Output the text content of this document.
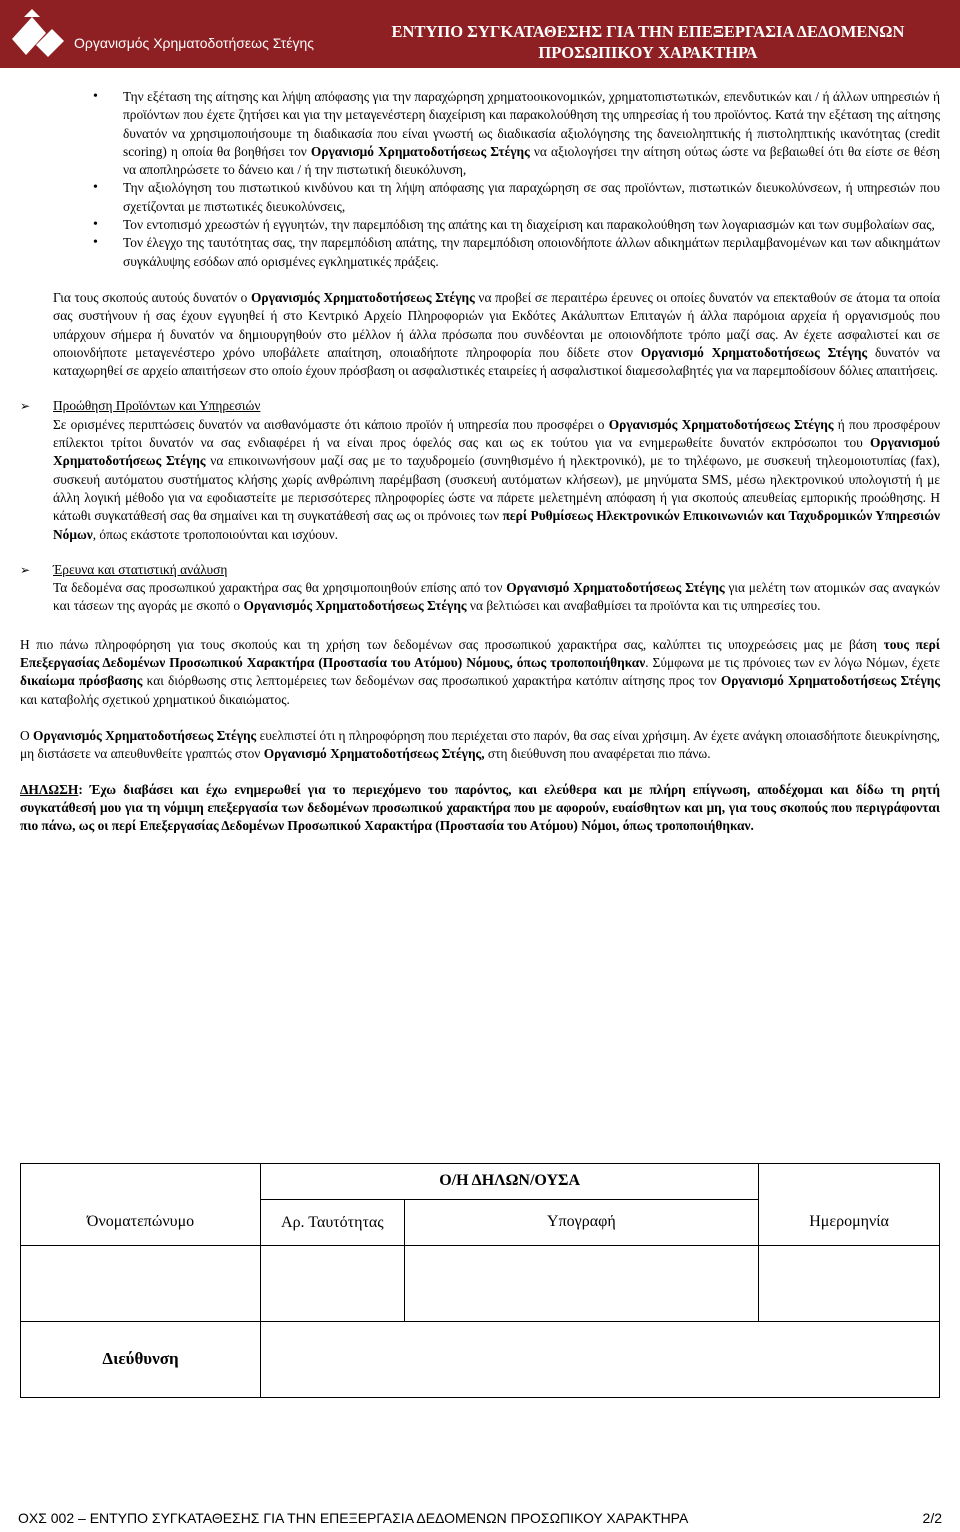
Οργανισμός Χρηματοδοτήσεως Στέγης
ΕΝΤΥΠΟ ΣΥΓΚΑΤΑΘΕΣΗΣ ΓΙΑ ΤΗΝ ΕΠΕΞΕΡΓΑΣΙΑ ΔΕΔΟΜΕΝΩΝ
ΠΡΟΣΩΠΙΚΟΥ ΧΑΡΑΚΤΗΡΑ
• Την εξέταση της αίτησης και λήψη απόφασης για την παραχώρηση χρηματοοικονομικών, χρηματοπιστωτικών, επενδυτικών και / ή άλλων υπηρεσιών ή προϊόντων που έχετε ζητήσει και για την μεταγενέστερη διαχείριση και παρακολούθηση της υπηρεσίας ή του προϊόντος. Κατά την εξέταση της αίτησης δυνατόν να χρησιμοποιήσουμε τη διαδικασία που είναι γνωστή ως διαδικασία αξιολόγησης της δανειοληπτικής ή πιστοληπτικής ικανότητας (credit scoring) η οποία θα βοηθήσει τον Οργανισμό Χρηματοδοτήσεως Στέγης να αξιολογήσει την αίτηση ούτως ώστε να βεβαιωθεί ότι θα είστε σε θέση να αποπληρώσετε το δάνειο και / ή την πιστωτική διευκόλυνση,
• Την αξιολόγηση του πιστωτικού κινδύνου και τη λήψη απόφασης για παραχώρηση σε σας προϊόντων, πιστωτικών διευκολύνσεων, ή υπηρεσιών που σχετίζονται με πιστωτικές διευκολύνσεις,
• Τον εντοπισμό χρεωστών ή εγγυητών, την παρεμπόδιση της απάτης και τη διαχείριση και παρακολούθηση των λογαριασμών και των συμβολαίων σας,
• Τον έλεγχο της ταυτότητας σας, την παρεμπόδιση απάτης, την παρεμπόδιση οποιονδήποτε άλλων αδικημάτων περιλαμβανομένων και των αδικημάτων συγκάλυψης εσόδων από ορισμένες εγκληματικές πράξεις.

Για τους σκοπούς αυτούς δυνατόν ο Οργανισμός Χρηματοδοτήσεως Στέγης να προβεί σε περαιτέρω έρευνες οι οποίες δυνατόν να επεκταθούν σε άτομα τα οποία σας συστήνουν ή σας έχουν εγγυηθεί ή στο Κεντρικό Αρχείο Πληροφοριών για Εκδότες Ακάλυπτων Επιταγών ή άλλα παρόμοια αρχεία ή οργανισμούς που υπάρχουν σήμερα ή δυνατόν να δημιουργηθούν στο μέλλον ή άλλα πρόσωπα που συνδέονται με οποιονδήποτε τρόπο μαζί σας. Αν έχετε ασφαλιστεί και σε οποιονδήποτε μεταγενέστερο χρόνο υποβάλετε απαίτηση, οποιαδήποτε πληροφορία που δίδετε στον Οργανισμό Χρηματοδοτήσεως Στέγης δυνατόν να καταχωρηθεί σε αρχείο απαιτήσεων στο οποίο έχουν πρόσβαση οι ασφαλιστικές εταιρείες ή ασφαλιστικοί διαμεσολαβητές για να παρεμποδίσουν δόλιες απαιτήσεις.

➢ Προώθηση Προϊόντων και Υπηρεσιών
Σε ορισμένες περιπτώσεις δυνατόν να αισθανόμαστε ότι κάποιο προϊόν ή υπηρεσία που προσφέρει ο Οργανισμός Χρηματοδοτήσεως Στέγης ή που προσφέρουν επίλεκτοι τρίτοι δυνατόν να σας ενδιαφέρει ή να είναι προς όφελός σας και ως εκ τούτου για να ενημερωθείτε δυνατόν εκπρόσωποι του Οργανισμού Χρηματοδοτήσεως Στέγης να επικοινωνήσουν μαζί σας με το ταχυδρομείο (συνηθισμένο ή ηλεκτρονικό), με το τηλέφωνο, με συσκευή τηλεομοιοτυπίας (fax), συσκευή αυτόματου συστήματος κλήσης χωρίς ανθρώπινη παρέμβαση (συσκευή αυτόματων κλήσεων), με μηνύματα SMS, μέσω ηλεκτρονικού υπολογιστή ή με άλλη λογική μέθοδο για να εφοδιαστείτε με περισσότερες πληροφορίες ώστε να πάρετε μελετημένη απόφαση ή για σκοπούς απευθείας εμπορικής προώθησης. Η κάτωθι συγκατάθεσή σας θα σημαίνει και τη συγκατάθεσή σας ως οι πρόνοιες των περί Ρυθμίσεως Ηλεκτρονικών Επικοινωνιών και Ταχυδρομικών Υπηρεσιών Νόμων, όπως εκάστοτε τροποποιούνται και ισχύουν.
➢ Έρευνα και στατιστική ανάλυση
Τα δεδομένα σας προσωπικού χαρακτήρα σας θα χρησιμοποιηθούν επίσης από τον Οργανισμό Χρηματοδοτήσεως Στέγης για μελέτη των ατομικών σας αναγκών και τάσεων της αγοράς με σκοπό ο Οργανισμός Χρηματοδοτήσεως Στέγης να βελτιώσει και αναβαθμίσει τα προϊόντα και τις υπηρεσίες του.

Η πιο πάνω πληροφόρηση για τους σκοπούς και τη χρήση των δεδομένων σας προσωπικού χαρακτήρα σας, καλύπτει τις υποχρεώσεις μας με βάση τους περί Επεξεργασίας Δεδομένων Προσωπικού Χαρακτήρα (Προστασία του Ατόμου) Νόμους, όπως τροποποιήθηκαν. Σύμφωνα με τις πρόνοιες των εν λόγω Νόμων, έχετε δικαίωμα πρόσβασης και διόρθωσης στις λεπτομέρειες των δεδομένων σας προσωπικού χαρακτήρα κατόπιν αίτησης προς τον Οργανισμό Χρηματοδοτήσεως Στέγης και καταβολής σχετικού χρηματικού δικαιώματος.

Ο Οργανισμός Χρηματοδοτήσεως Στέγης ευελπιστεί ότι η πληροφόρηση που περιέχεται στο παρόν, θα σας είναι χρήσιμη. Αν έχετε ανάγκη οποιασδήποτε διευκρίνησης, μη διστάσετε να απευθυνθείτε γραπτώς στον Οργανισμό Χρηματοδοτήσεως Στέγης, στη διεύθυνση που αναφέρεται πιο πάνω.

ΔΗΛΩΣΗ: Έχω διαβάσει και έχω ενημερωθεί για το περιεχόμενο του παρόντος, και ελεύθερα και με πλήρη επίγνωση, αποδέχομαι και δίδω τη ρητή συγκατάθεσή μου για τη νόμιμη επεξεργασία των δεδομένων προσωπικού χαρακτήρα που με αφορούν, ευαίσθητων και μη, για τους σκοπούς που περιγράφονται πιο πάνω, ως οι περί Επεξεργασίας Δεδομένων Προσωπικού Χαρακτήρα (Προστασία του Ατόμου) Νόμοι, όπως τροποποιήθηκαν.

	Ο/Η ΔΗΛΩΝ/ΟΥΣΑ		
Όνοματεπώνυμο	Αρ. Ταυτότητας	Υπογραφή	Ημερομηνία

Διεύθυνση			
ΟΧΣ 002 – ΕΝΤΥΠΟ ΣΥΓΚΑΤΑΘΕΣΗΣ ΓΙΑ ΤΗΝ ΕΠΕΞΕΡΓΑΣΙΑ ΔΕΔΟΜΕΝΩΝ ΠΡΟΣΩΠΙΚΟΥ ΧΑΡΑΚΤΗΡΑ	2/2
